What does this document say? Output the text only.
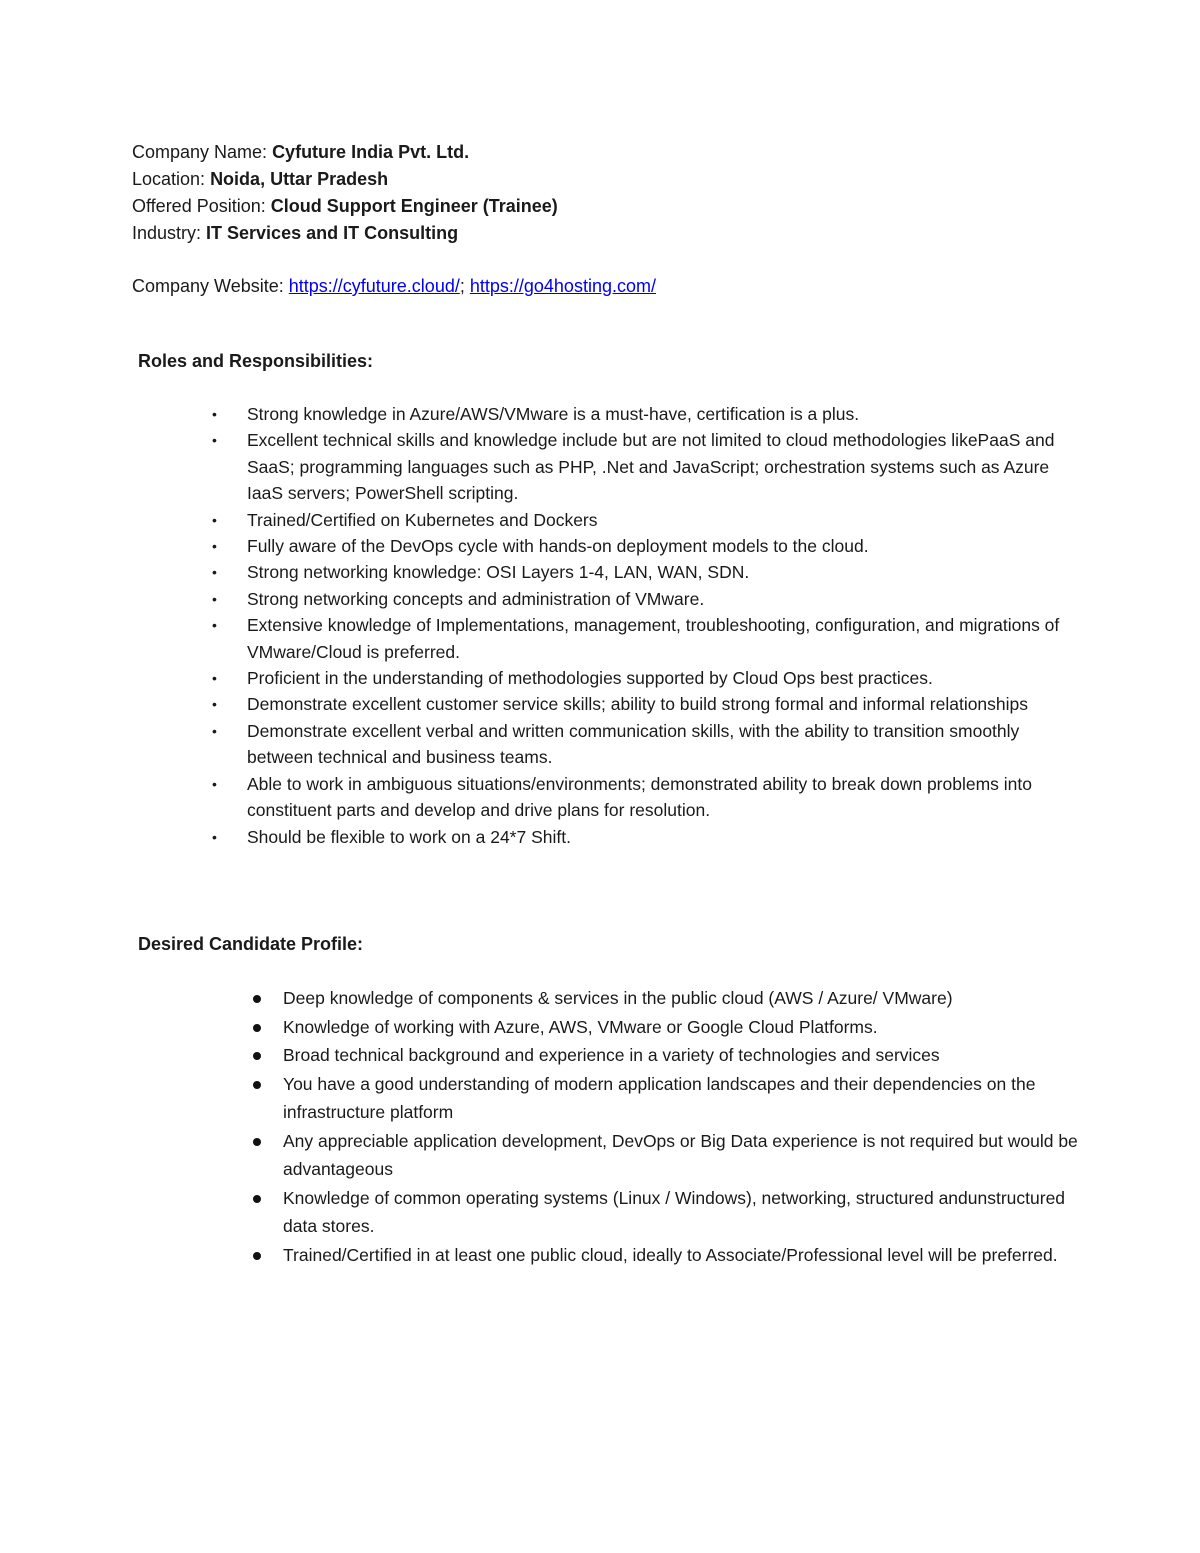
Company Name: Cyfuture India Pvt. Ltd.
Location: Noida, Uttar Pradesh
Offered Position: Cloud Support Engineer (Trainee)
Industry: IT Services and IT Consulting
Company Website: https://cyfuture.cloud/; https://go4hosting.com/
Roles and Responsibilities:
• Strong knowledge in Azure/AWS/VMware is a must-have, certification is a plus.
• Excellent technical skills and knowledge include but are not limited to cloud methodologies likePaaS and SaaS; programming languages such as PHP, .Net and JavaScript; orchestration systems such as Azure IaaS servers; PowerShell scripting.
• Trained/Certified on Kubernetes and Dockers
• Fully aware of the DevOps cycle with hands-on deployment models to the cloud.
• Strong networking knowledge: OSI Layers 1-4, LAN, WAN, SDN.
• Strong networking concepts and administration of VMware.
• Extensive knowledge of Implementations, management, troubleshooting, configuration, and migrations of VMware/Cloud is preferred.
• Proficient in the understanding of methodologies supported by Cloud Ops best practices.
• Demonstrate excellent customer service skills; ability to build strong formal and informal relationships
• Demonstrate excellent verbal and written communication skills, with the ability to transition smoothly between technical and business teams.
• Able to work in ambiguous situations/environments; demonstrated ability to break down problems into constituent parts and develop and drive plans for resolution.
• Should be flexible to work on a 24*7 Shift.
Desired Candidate Profile:
Deep knowledge of components & services in the public cloud (AWS / Azure/ VMware)
Knowledge of working with Azure, AWS, VMware or Google Cloud Platforms.
Broad technical background and experience in a variety of technologies and services
You have a good understanding of modern application landscapes and their dependencies on the infrastructure platform
Any appreciable application development, DevOps or Big Data experience is not required but would be advantageous
Knowledge of common operating systems (Linux / Windows), networking, structured andunstructured data stores.
Trained/Certified in at least one public cloud, ideally to Associate/Professional level will be preferred.
